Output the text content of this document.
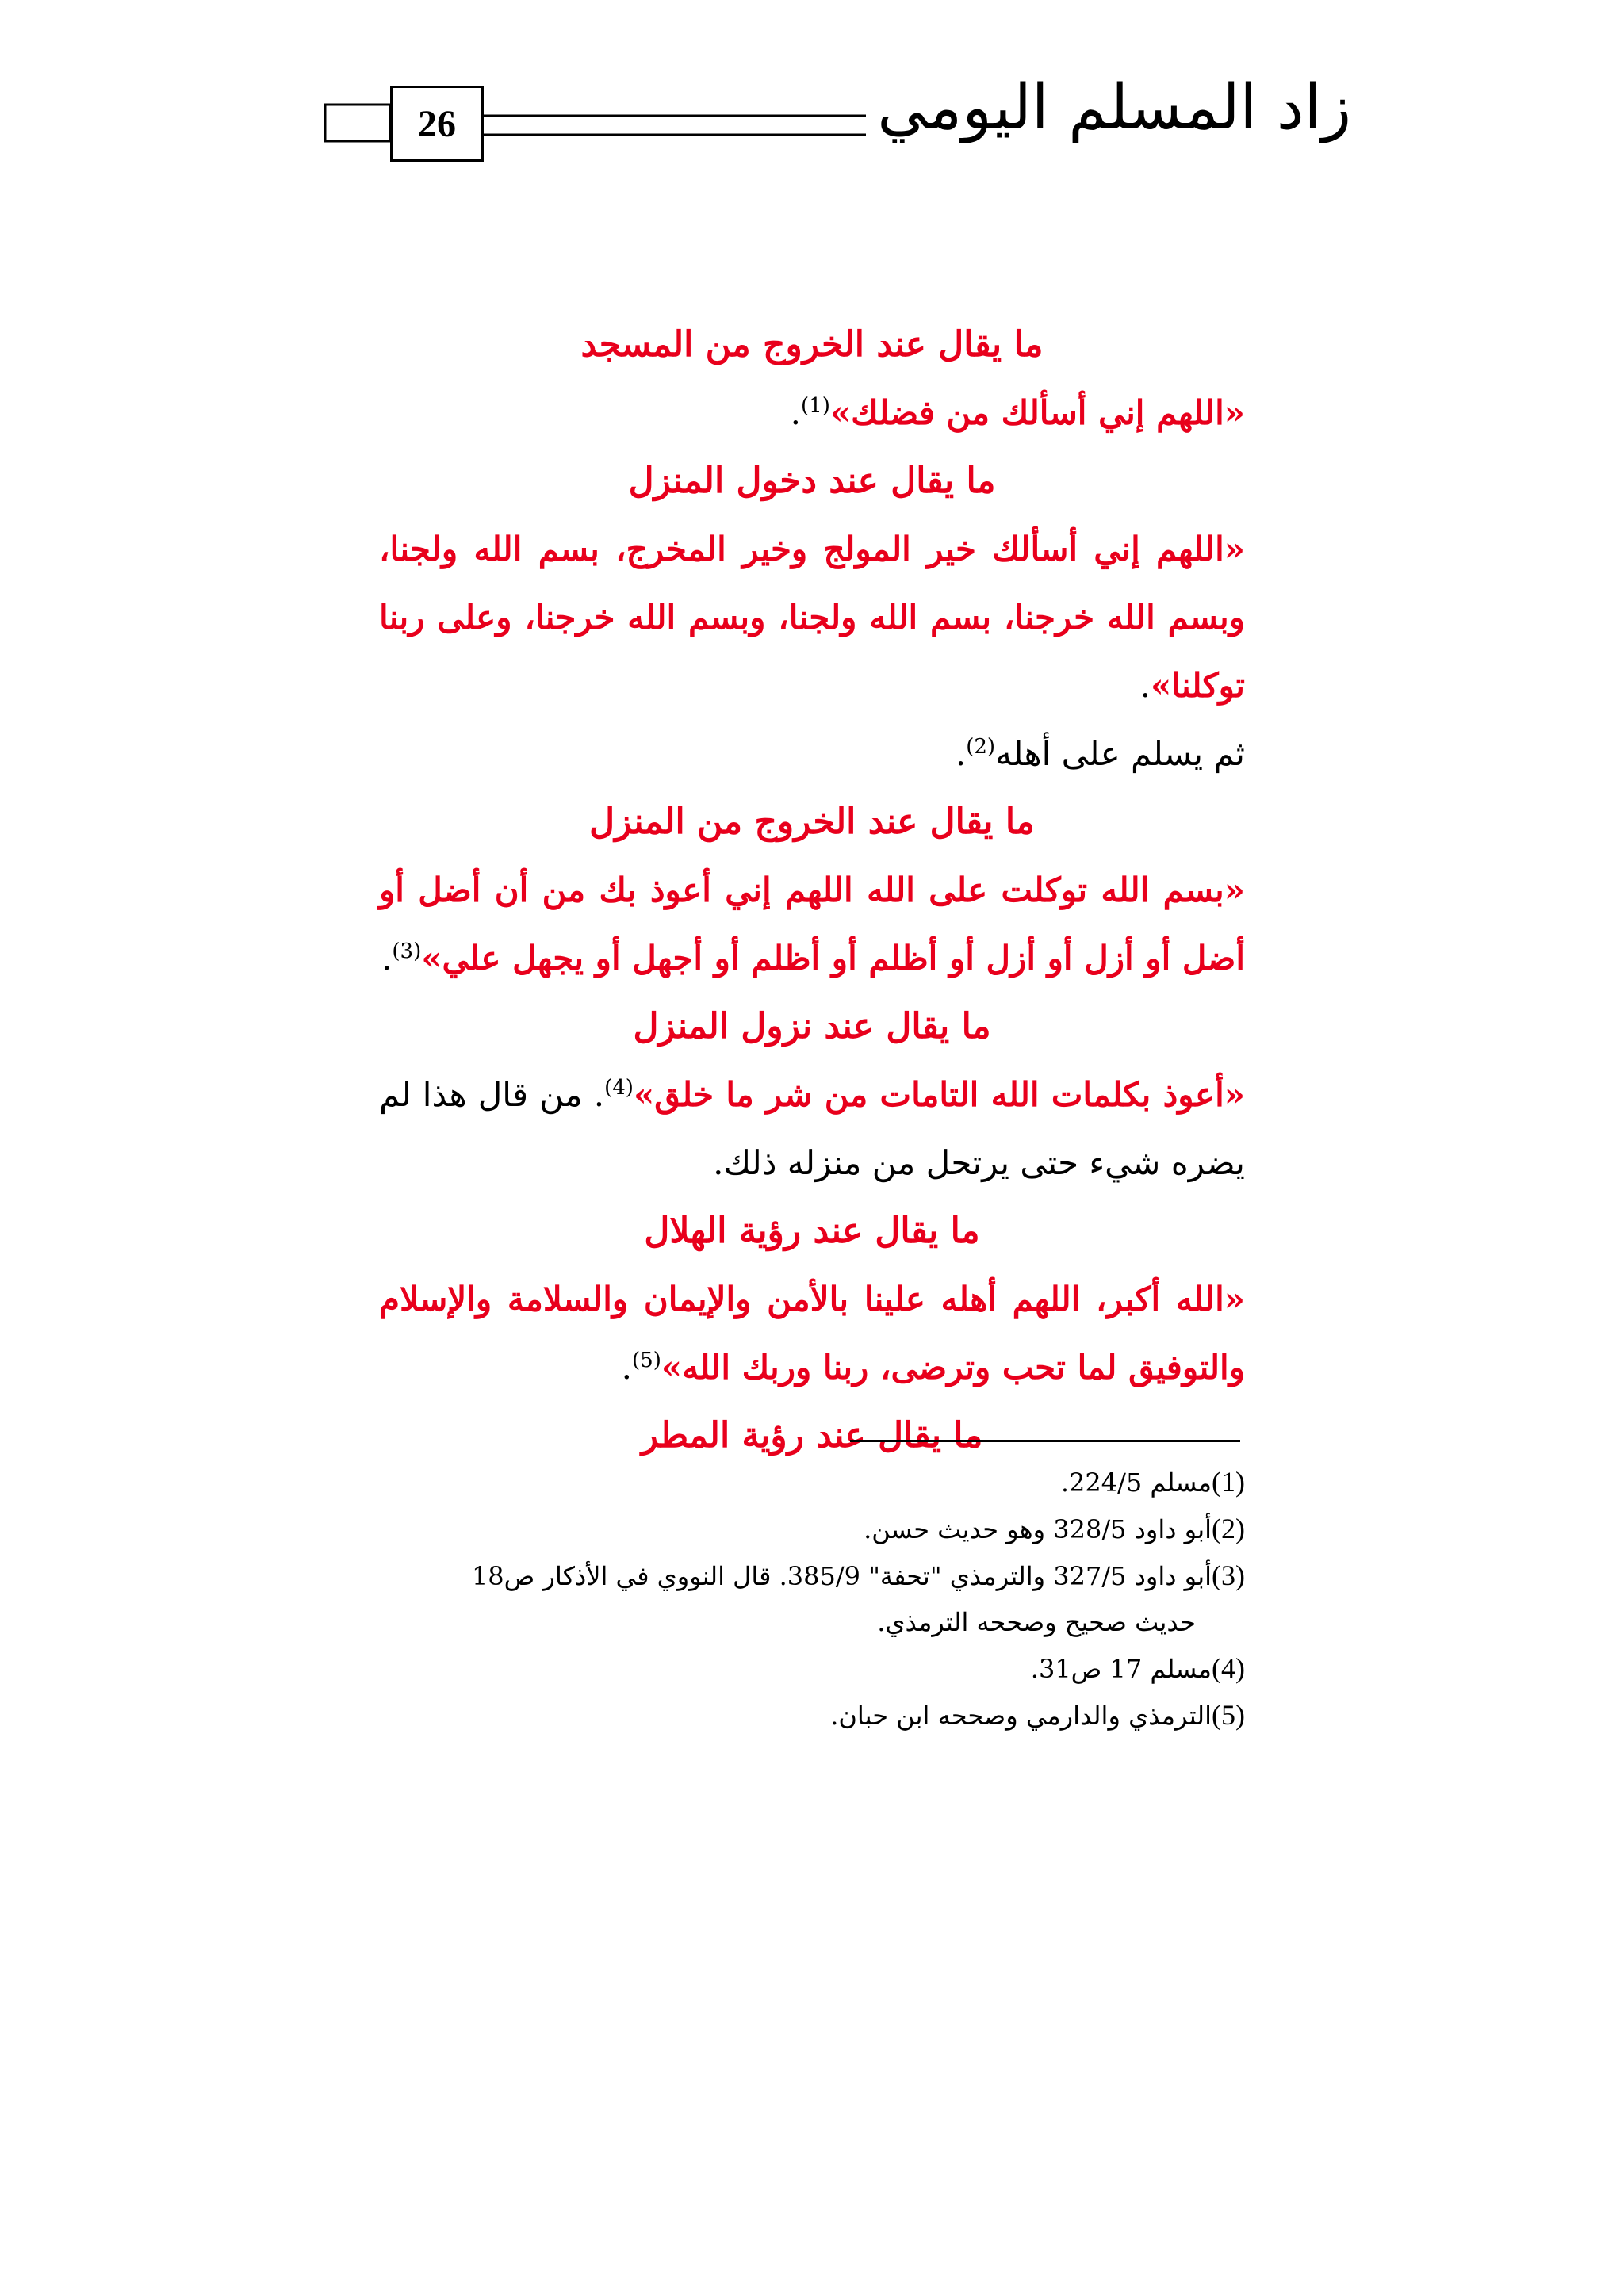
26	زاد المسلم اليومي
ما يقال عند الخروج من المسجد

«اللهم إني أسألك من فضلك»$^{(1)}$.

ما يقال عند دخول المنزل

«اللهم إني أسألك خير المولج وخير المخرج، بسم الله ولجنا، وبسم الله خرجنا، بسم الله ولجنا، وبسم الله خرجنا، وعلى ربنا توكلنا».

ثم يسلم على أهله$^{(2)}$.

ما يقال عند الخروج من المنزل

«بسم الله توكلت على الله اللهم إني أعوذ بك من أن أضل أو أضل أو أزل أو أزل أو أظلم أو أظلم أو أجهل أو يجهل علي»$^{(3)}$.

ما يقال عند نزول المنزل

«أعوذ بكلمات الله التامات من شر ما خلق»$^{(4)}$. من قال هذا لم يضره شيء حتى يرتحل من منزله ذلك.

ما يقال عند رؤية الهلال

«الله أكبر، اللهم أهله علينا بالأمن والإيمان والسلامة والإسلام والتوفيق لما تحب وترضى، ربنا وربك الله»$^{(5)}$.

ما يقال عند رؤية المطر

(1)مسلم 224/5.

(2)أبو داود 328/5 وهو حديث حسن.

(3)أبو داود 327/5 والترمذي "تحفة" 385/9. قال النووي في الأذكار ص18

حديث صحيح وصححه الترمذي.

(4)مسلم 17 ص31.

(5)الترمذي والدارمي وصححه ابن حبان.
